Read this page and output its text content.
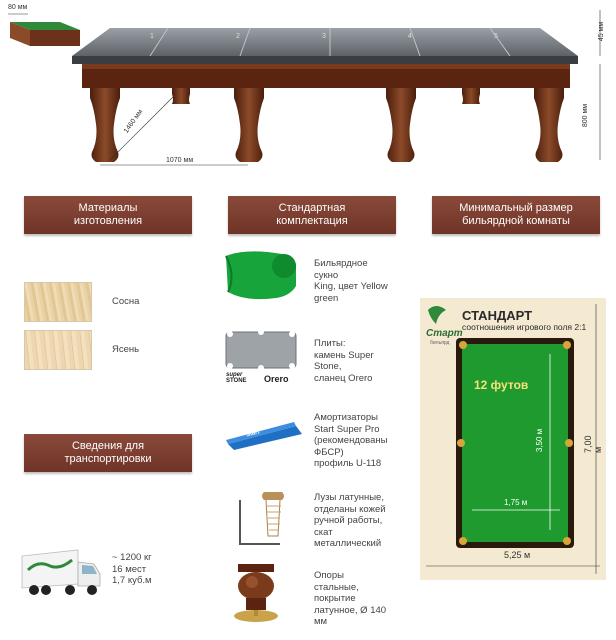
1	2	3	4	5
80 мм
1460 мм
1070 мм
800 мм
45 мм
Материалы
изготовления
Стандартная
комплектация
Минимальный размер
бильярдной комнаты
Сведения для
транспортировки
Сосна
Ясень
~ 1200 кг
16 мест
1,7 куб.м
Бильярдное
сукно
King, цвет Yellow
green
super
STONE Orero
Плиты:
камень Super
Stone,
сланец Orero
Start
Амортизаторы
Start Super Pro
(рекомендованы
ФБСР)
профиль U-118
Лузы латунные,
отделаны кожей
ручной работы,
скат
металлический
Опоры
стальные,
покрытие
латунное, Ø 140
мм
Старт
бильярд
СТАНДАРТ
соотношения игрового поля 2:1
12 футов
3,50 м
1,75 м
7,00 м
5,25 м
